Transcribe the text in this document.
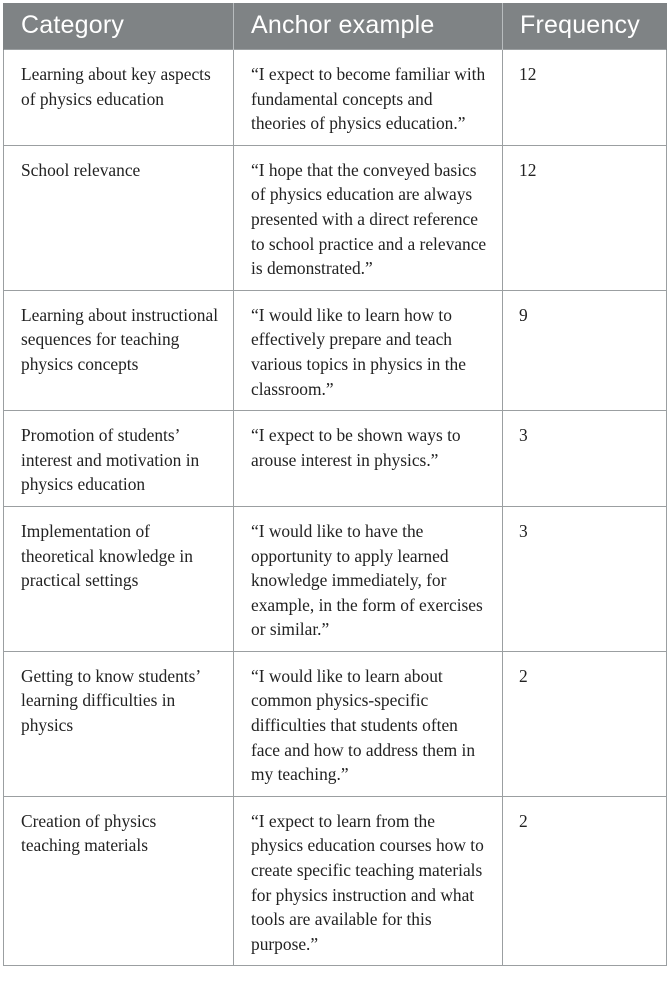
Category	Anchor example	Frequency
Learning about key aspects of physics education	“I expect to become familiar with fundamental concepts and theories of physics education.”	12
School relevance	“I hope that the conveyed basics of physics education are always presented with a direct reference to school practice and a relevance is demonstrated.”	12
Learning about instructional sequences for teaching physics concepts	“I would like to learn how to effectively prepare and teach various topics in physics in the classroom.”	9
Promotion of students’ interest and motivation in physics education	“I expect to be shown ways to arouse interest in physics.”	3
Implementation of theoretical knowledge in practical settings	“I would like to have the opportunity to apply learned knowledge immediately, for example, in the form of exercises or similar.”	3
Getting to know students’ learning difficulties in physics	“I would like to learn about common physics-specific difficulties that students often face and how to address them in my teaching.”	2
Creation of physics teaching materials	“I expect to learn from the physics education courses how to create specific teaching materials for physics instruction and what tools are available for this purpose.”	2
